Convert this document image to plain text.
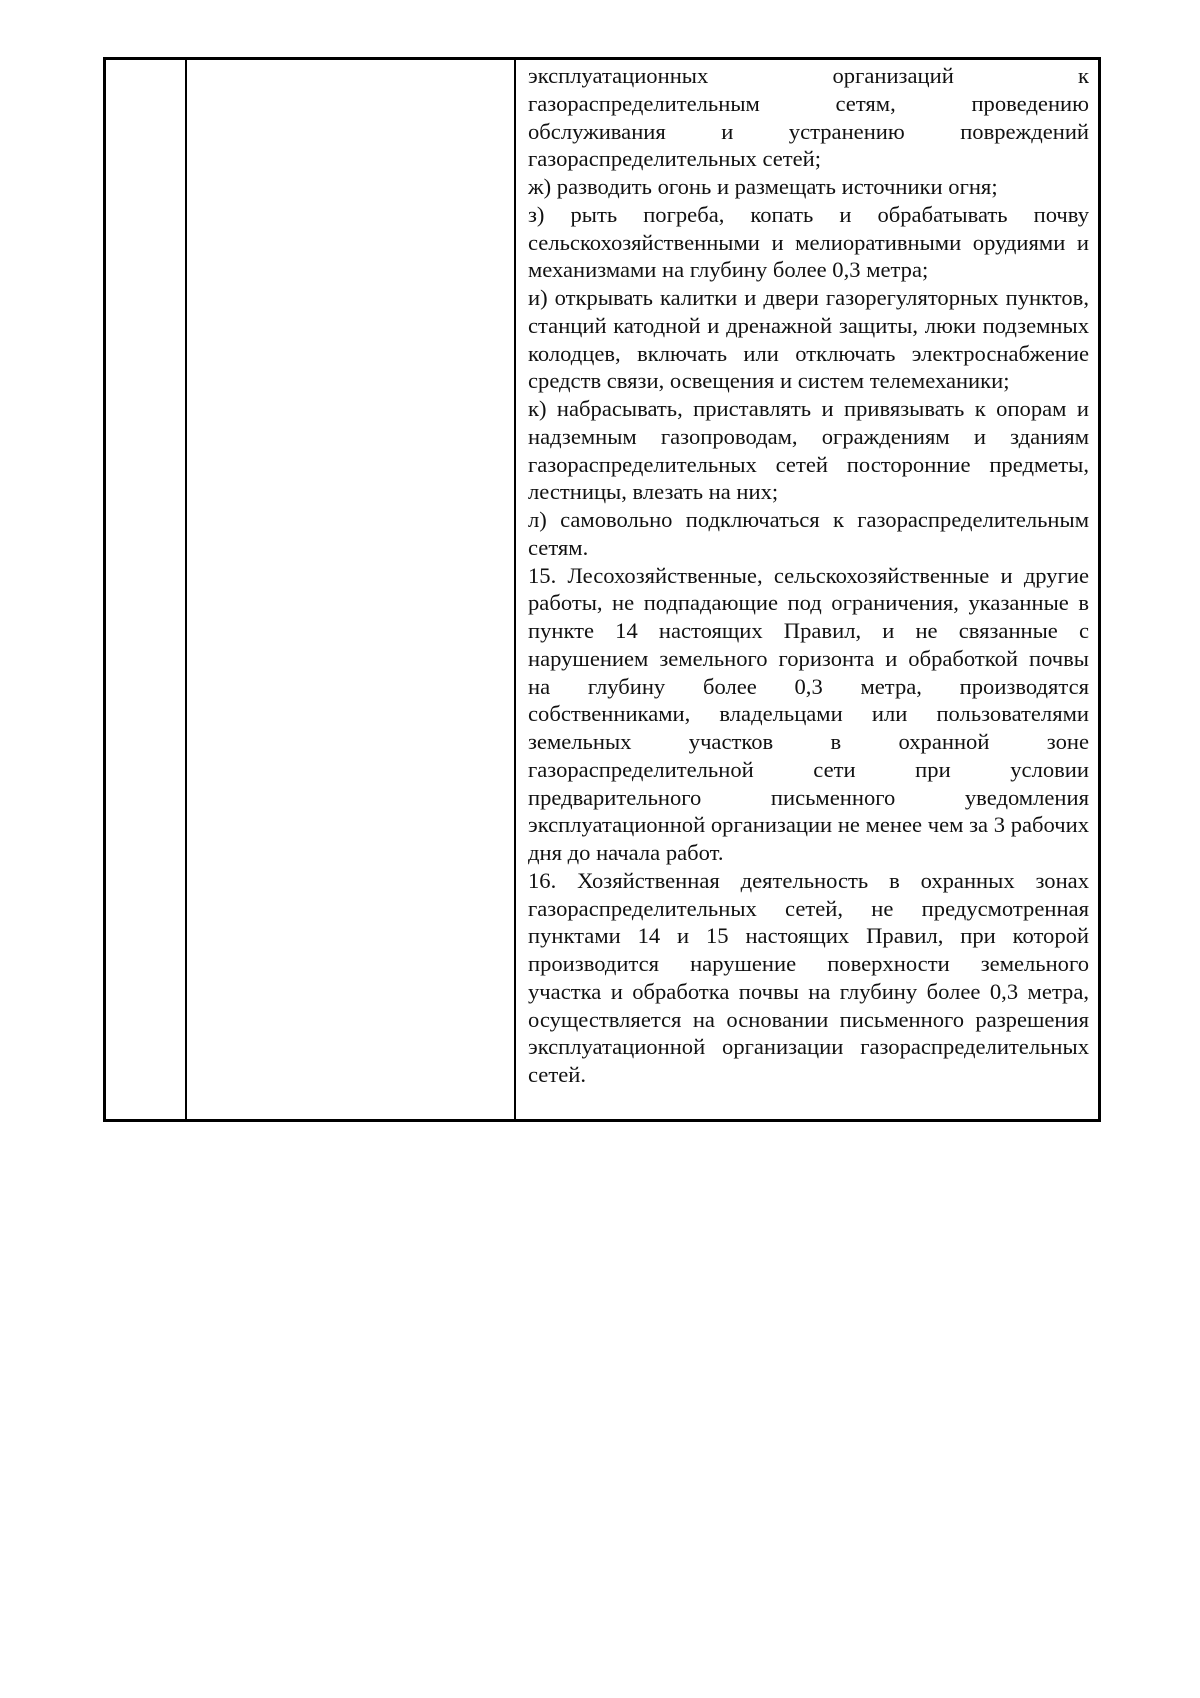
эксплуатационных организаций к газораспределительным сетям, проведению обслуживания и устранению повреждений газораспределительных сетей;

ж) разводить огонь и размещать источники огня;

з) рыть погреба, копать и обрабатывать почву сельскохозяйственными и мелиоративными орудиями и механизмами на глубину более 0,3 метра;

и) открывать калитки и двери газорегуляторных пунктов, станций катодной и дренажной защиты, люки подземных колодцев, включать или отключать электроснабжение средств связи, освещения и систем телемеханики;

к) набрасывать, приставлять и привязывать к опорам и надземным газопроводам, ограждениям и зданиям газораспределительных сетей посторонние предметы, лестницы, влезать на них;

л) самовольно подключаться к газораспределительным сетям.

15. Лесохозяйственные, сельскохозяйственные и другие работы, не подпадающие под ограничения, указанные в пункте 14 настоящих Правил, и не связанные с нарушением земельного горизонта и обработкой почвы на глубину более 0,3 метра, производятся собственниками, владельцами или пользователями земельных участков в охранной зоне газораспределительной сети при условии предварительного письменного уведомления эксплуатационной организации не менее чем за 3 рабочих дня до начала работ.

16. Хозяйственная деятельность в охранных зонах газораспределительных сетей, не предусмотренная пунктами 14 и 15 настоящих Правил, при которой производится нарушение поверхности земельного участка и обработка почвы на глубину более 0,3 метра, осуществляется на основании письменного разрешения эксплуатационной организации газораспределительных сетей.
